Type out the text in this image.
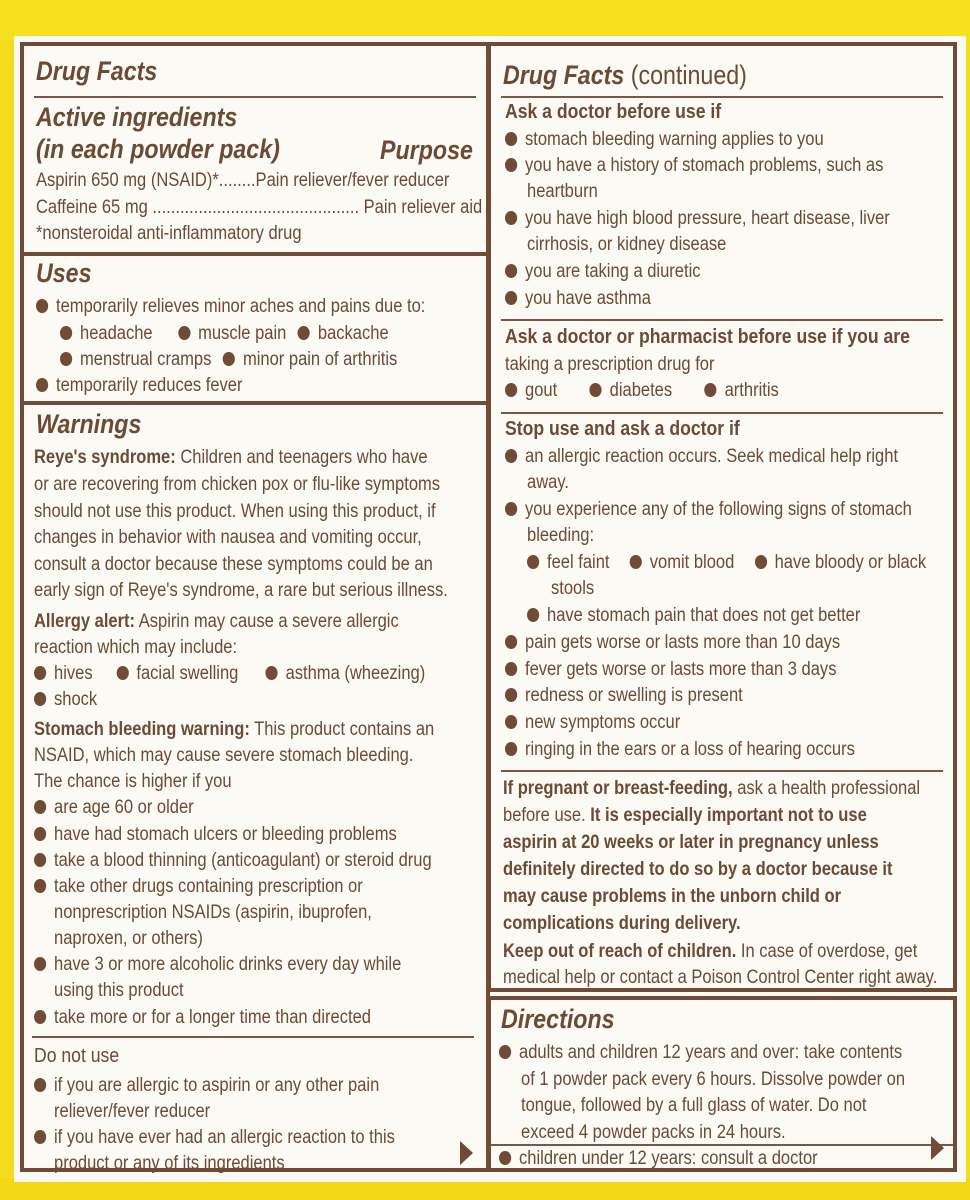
Drug Facts
Active ingredients
(in each powder pack)	Purpose
Aspirin 650 mg (NSAID)*........Pain reliever/fever reducer
Caffeine 65 mg ............................................. Pain reliever aid
*nonsteroidal anti-inflammatory drug
Uses
temporarily relieves minor aches and pains due to:
headache muscle pain backache
menstrual cramps minor pain of arthritis
temporarily reduces fever
Warnings
Reye's syndrome: Children and teenagers who have
or are recovering from chicken pox or flu-like symptoms
should not use this product. When using this product, if
changes in behavior with nausea and vomiting occur,
consult a doctor because these symptoms could be an
early sign of Reye's syndrome, a rare but serious illness.
Allergy alert: Aspirin may cause a severe allergic
reaction which may include:
hives facial swelling asthma (wheezing)
shock
Stomach bleeding warning: This product contains an
NSAID, which may cause severe stomach bleeding.
The chance is higher if you
are age 60 or older
have had stomach ulcers or bleeding problems
take a blood thinning (anticoagulant) or steroid drug
take other drugs containing prescription or
nonprescription NSAIDs (aspirin, ibuprofen,
naproxen, or others)
have 3 or more alcoholic drinks every day while
using this product
take more or for a longer time than directed
Do not use
if you are allergic to aspirin or any other pain
reliever/fever reducer
if you have ever had an allergic reaction to this
product or any of its ingredients
Drug Facts (continued)
Ask a doctor before use if
stomach bleeding warning applies to you
you have a history of stomach problems, such as
heartburn
you have high blood pressure, heart disease, liver
cirrhosis, or kidney disease
you are taking a diuretic
you have asthma
Ask a doctor or pharmacist before use if you are
taking a prescription drug for
gout	diabetes	arthritis
Stop use and ask a doctor if
an allergic reaction occurs. Seek medical help right
away.
you experience any of the following signs of stomach
bleeding:
feel faint vomit blood have bloody or black
stools
have stomach pain that does not get better
pain gets worse or lasts more than 10 days
fever gets worse or lasts more than 3 days
redness or swelling is present
new symptoms occur
ringing in the ears or a loss of hearing occurs
If pregnant or breast-feeding, ask a health professional
before use. It is especially important not to use
aspirin at 20 weeks or later in pregnancy unless
definitely directed to do so by a doctor because it
may cause problems in the unborn child or
complications during delivery.
Keep out of reach of children. In case of overdose, get
medical help or contact a Poison Control Center right away.
Directions
adults and children 12 years and over: take contents
of 1 powder pack every 6 hours. Dissolve powder on
tongue, followed by a full glass of water. Do not
exceed 4 powder packs in 24 hours.
children under 12 years: consult a doctor
